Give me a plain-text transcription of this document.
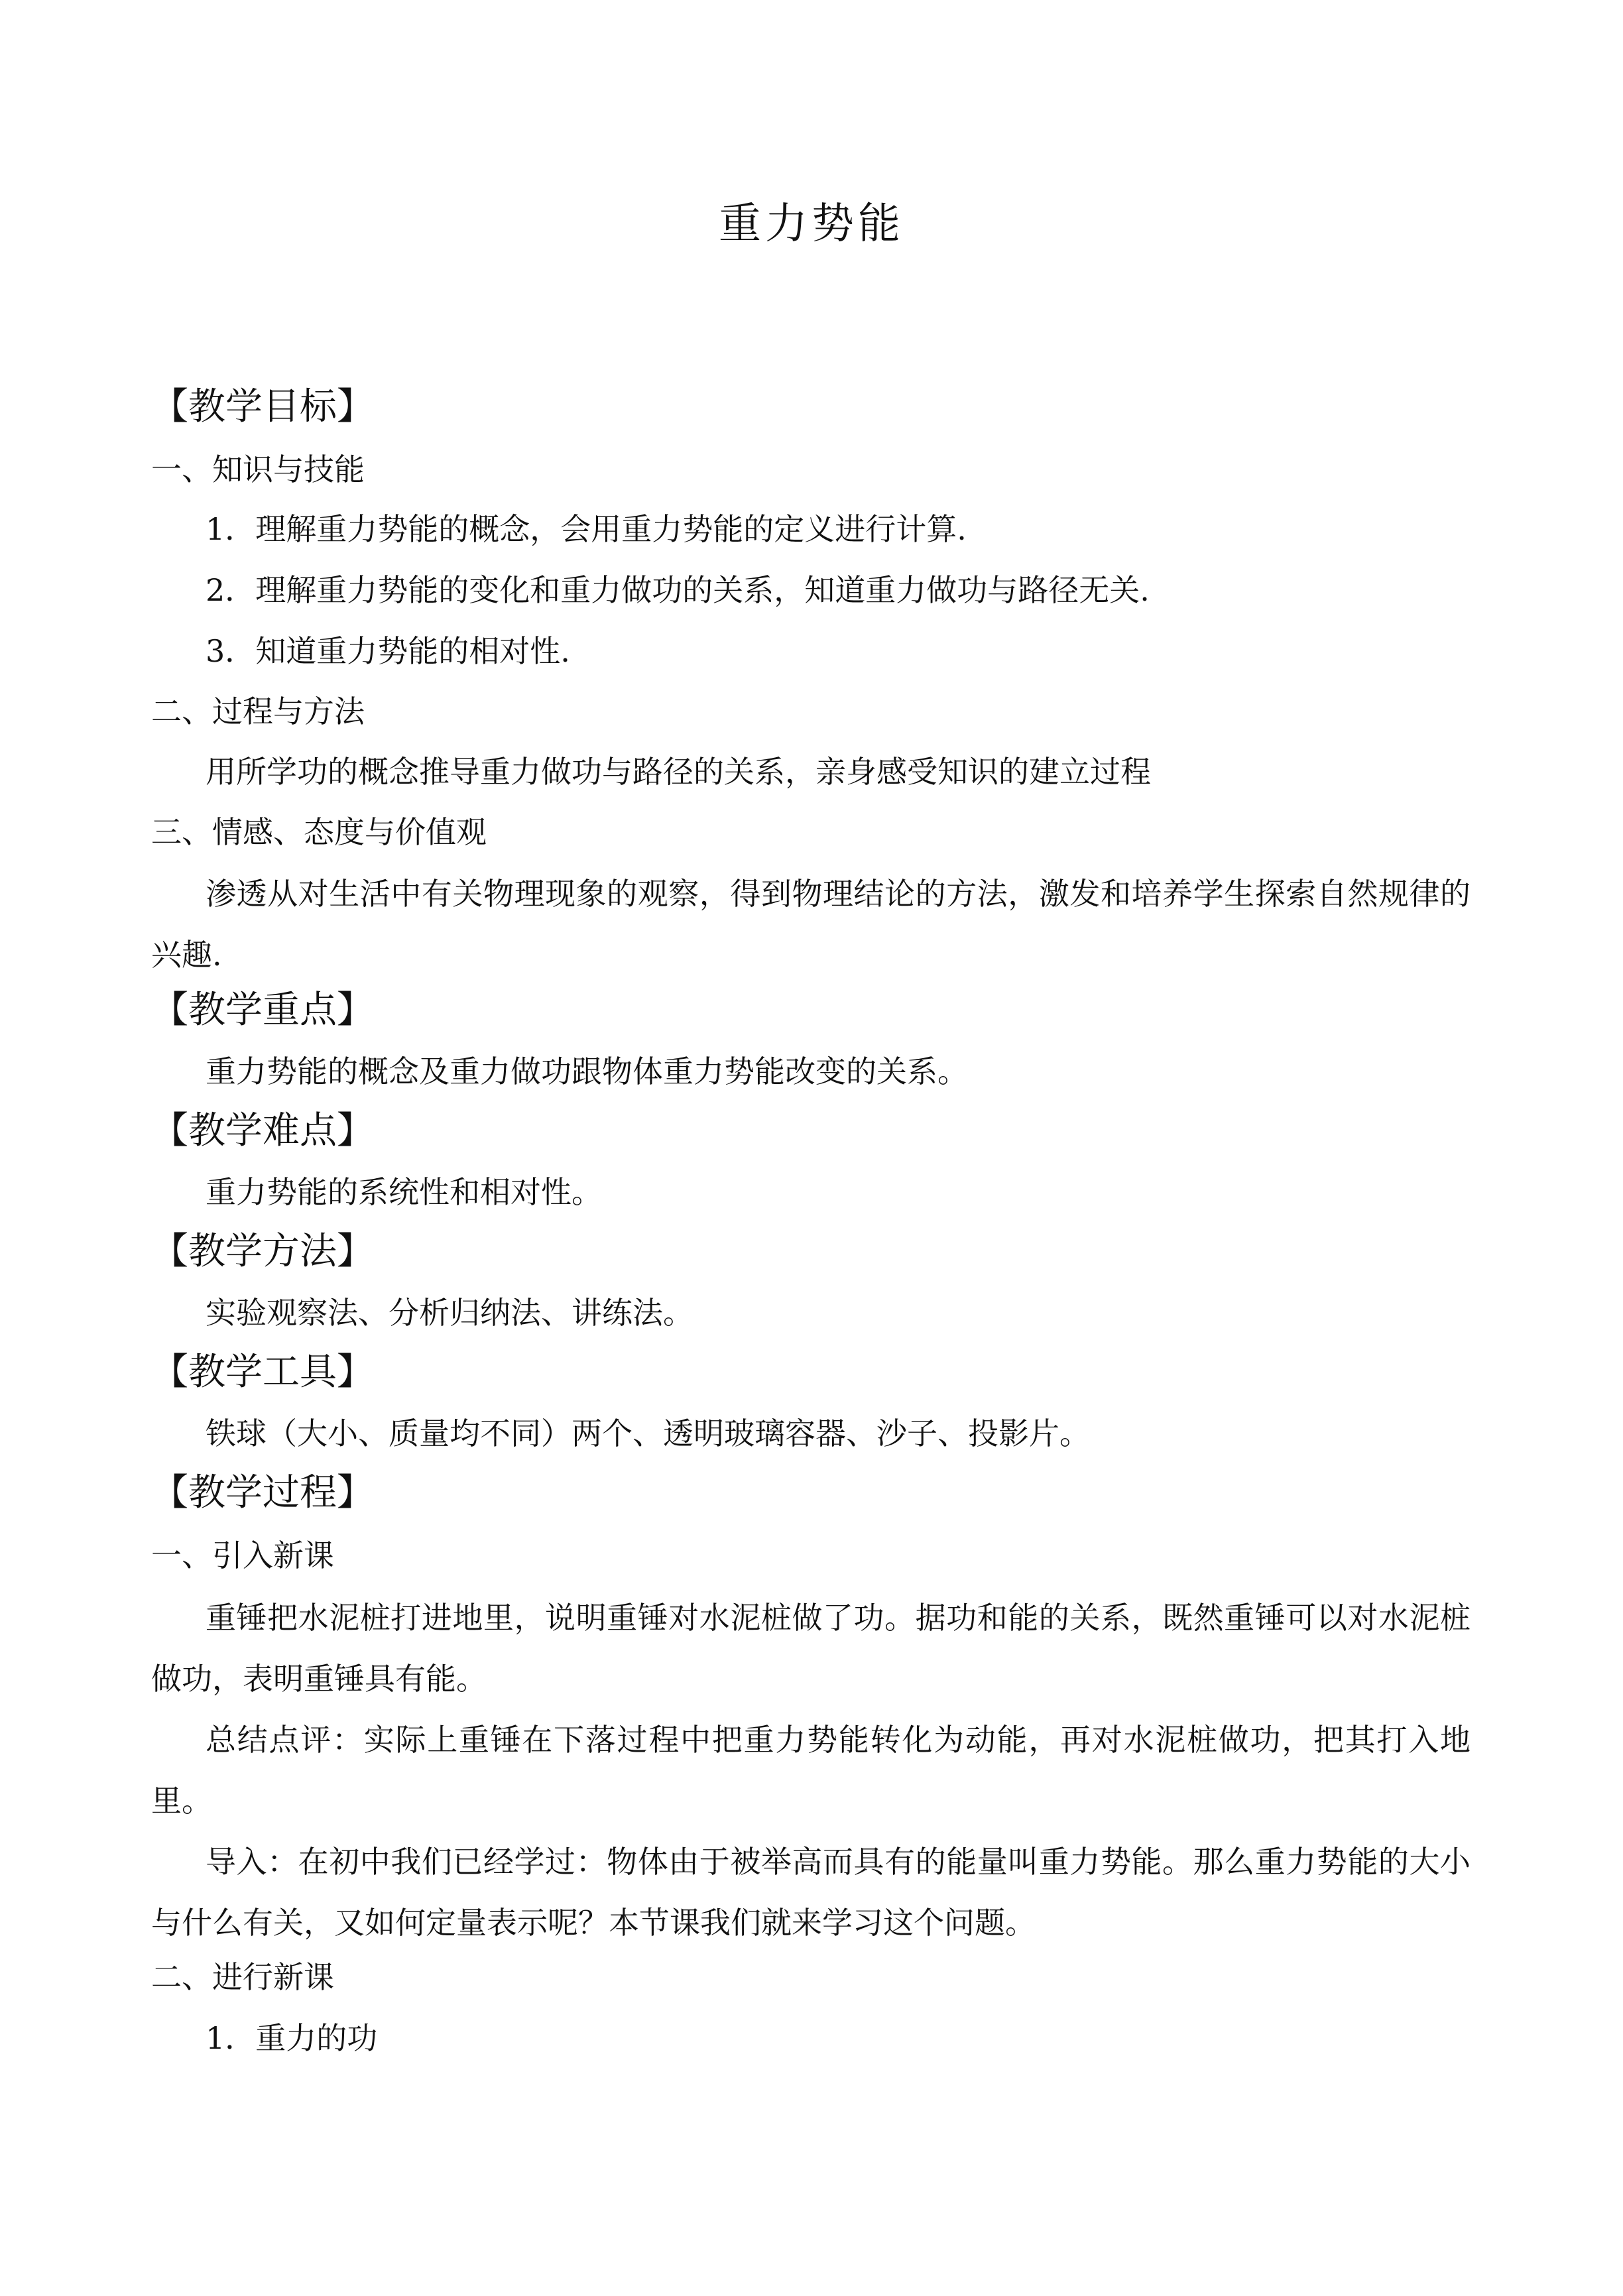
重力势能
【教学目标】
一、知识与技能
1．理解重力势能的概念，会用重力势能的定义进行计算.
2．理解重力势能的变化和重力做功的关系，知道重力做功与路径无关.
3．知道重力势能的相对性.
二、过程与方法
用所学功的概念推导重力做功与路径的关系，亲身感受知识的建立过程
三、情感、态度与价值观
渗透从对生活中有关物理现象的观察，得到物理结论的方法，激发和培养学生探索自然规律的兴趣.
【教学重点】
重力势能的概念及重力做功跟物体重力势能改变的关系。
【教学难点】
重力势能的系统性和相对性。
【教学方法】
实验观察法、分析归纳法、讲练法。
【教学工具】
铁球（大小、质量均不同）两个、透明玻璃容器、沙子、投影片。
【教学过程】
一、引入新课
重锤把水泥桩打进地里，说明重锤对水泥桩做了功。据功和能的关系，既然重锤可以对水泥桩做功，表明重锤具有能。
总结点评：实际上重锤在下落过程中把重力势能转化为动能，再对水泥桩做功，把其打入地里。
导入：在初中我们已经学过：物体由于被举高而具有的能量叫重力势能。那么重力势能的大小与什么有关，又如何定量表示呢？本节课我们就来学习这个问题。
二、进行新课
1．重力的功
